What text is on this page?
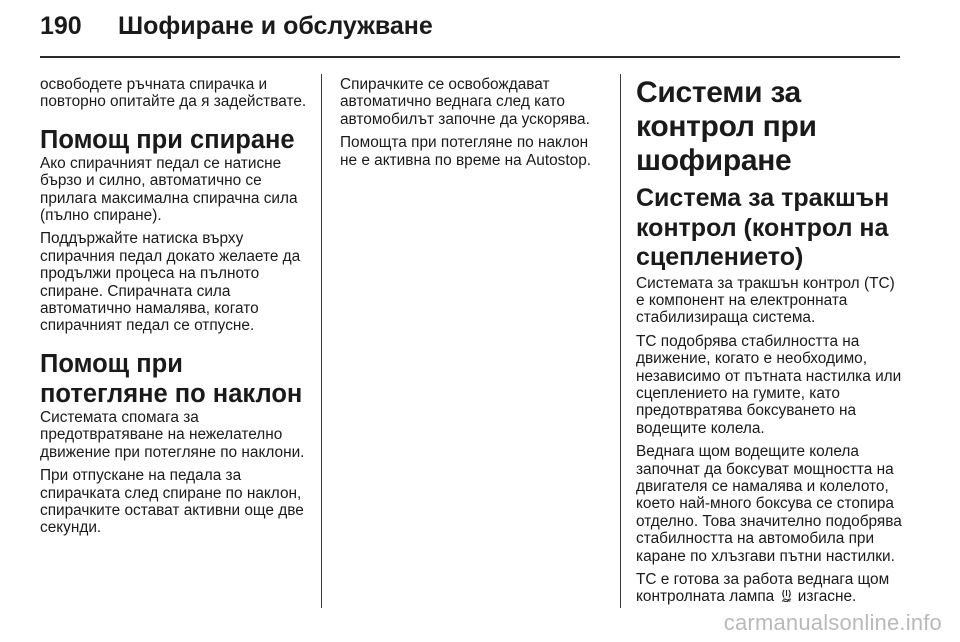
190 Шофиране и обслужване

освободете ръчната спирачка и повторно опитайте да я задействате.

Помощ при спиране

Ако спирачният педал се натисне бързо и силно, автоматично се прилага максимална спирачна сила (пълно спиране).

Поддържайте натиска върху спирачния педал докато желаете да продължи процеса на пълното спиране. Спирачната сила автоматично намалява, когато спирачният педал се отпусне.

Помощ при потегляне по наклон

Системата спомага за предотвратяване на нежелателно движение при потегляне по наклони.

При отпускане на педала за спирачката след спиране по наклон, спирачките остават активни още две секунди.

Спирачките се освобождават автоматично веднага след като автомобилът започне да ускорява.

Помощта при потегляне по наклон не е активна по време на Autostop.

Системи за контрол при шофиране
Система за тракшън контрол (контрол на сцеплението)

Системата за тракшън контрол (TC) е компонент на електронната стабилизираща система.

TC подобрява стабилността на движение, когато е необходимо, независимо от пътната настилка или сцеплението на гумите, като предотвратява боксуването на водещите колела.

Веднага щом водещите колела започнат да боксуват мощността на двигателя се намалява и колелото, което най-много боксува се стопира отделно. Това значително подобрява стабилността на автомобила при каране по хлъзгави пътни настилки.

TC е готова за работа веднага щом контролната лампа изгасне.

carmanualsonline.info
